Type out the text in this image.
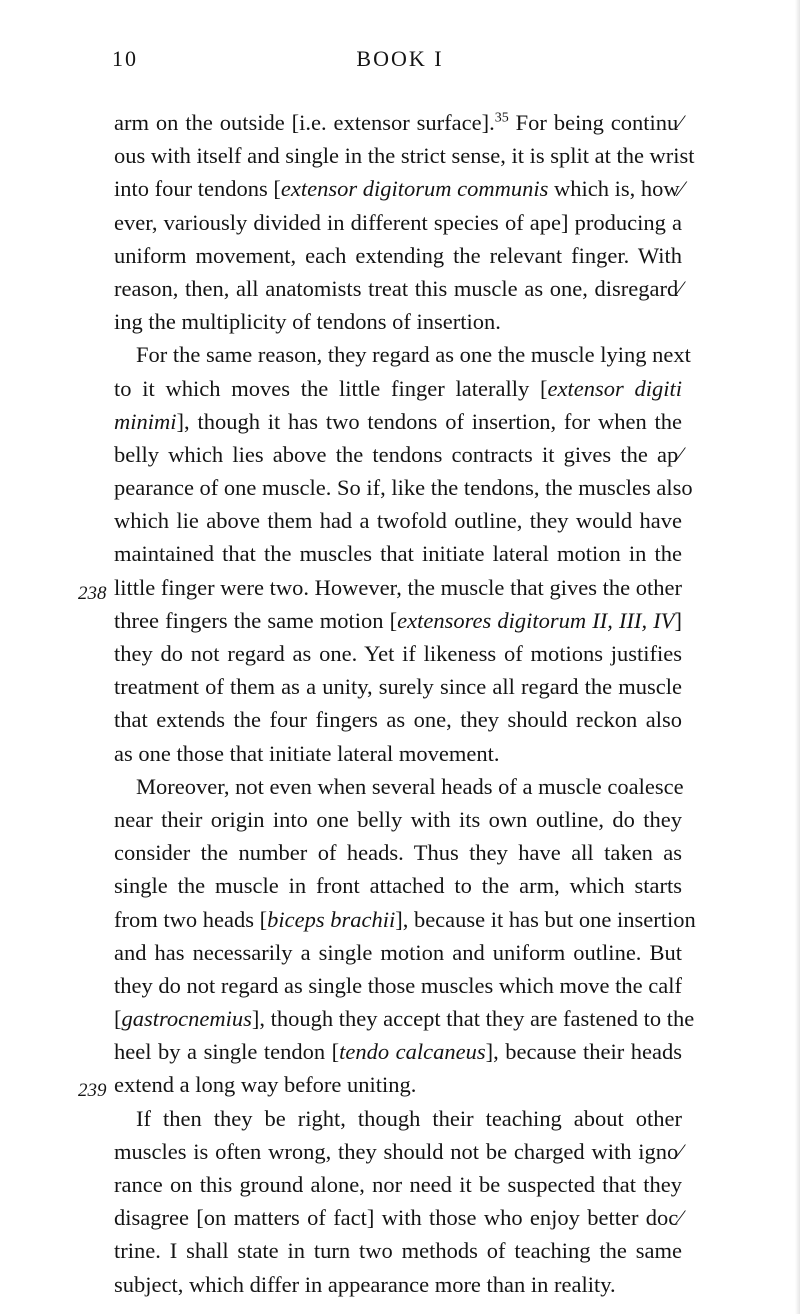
10	BOOK I
238
239
arm on the outside [i.e. extensor surface].$^{35}$ For being continu⁄
ous with itself and single in the strict sense, it is split at the wrist
into four tendons [extensor digitorum communis which is, how⁄
ever, variously divided in different species of ape] producing a
uniform movement, each extending the relevant finger. With
reason, then, all anatomists treat this muscle as one, disregard⁄
ing the multiplicity of tendons of insertion.
For the same reason, they regard as one the muscle lying next
to it which moves the little finger laterally [extensor digiti
minimi], though it has two tendons of insertion, for when the
belly which lies above the tendons contracts it gives the ap⁄
pearance of one muscle. So if, like the tendons, the muscles also
which lie above them had a twofold outline, they would have
maintained that the muscles that initiate lateral motion in the
little finger were two. However, the muscle that gives the other
three fingers the same motion [extensores digitorum II, III, IV]
they do not regard as one. Yet if likeness of motions justifies
treatment of them as a unity, surely since all regard the muscle
that extends the four fingers as one, they should reckon also
as one those that initiate lateral movement.
Moreover, not even when several heads of a muscle coalesce
near their origin into one belly with its own outline, do they
consider the number of heads. Thus they have all taken as
single the muscle in front attached to the arm, which starts
from two heads [biceps brachii], because it has but one insertion
and has necessarily a single motion and uniform outline. But
they do not regard as single those muscles which move the calf
[gastrocnemius], though they accept that they are fastened to the
heel by a single tendon [tendo calcaneus], because their heads
extend a long way before uniting.
If then they be right, though their teaching about other
muscles is often wrong, they should not be charged with igno⁄
rance on this ground alone, nor need it be suspected that they
disagree [on matters of fact] with those who enjoy better doc⁄
trine. I shall state in turn two methods of teaching the same
subject, which differ in appearance more than in reality.
